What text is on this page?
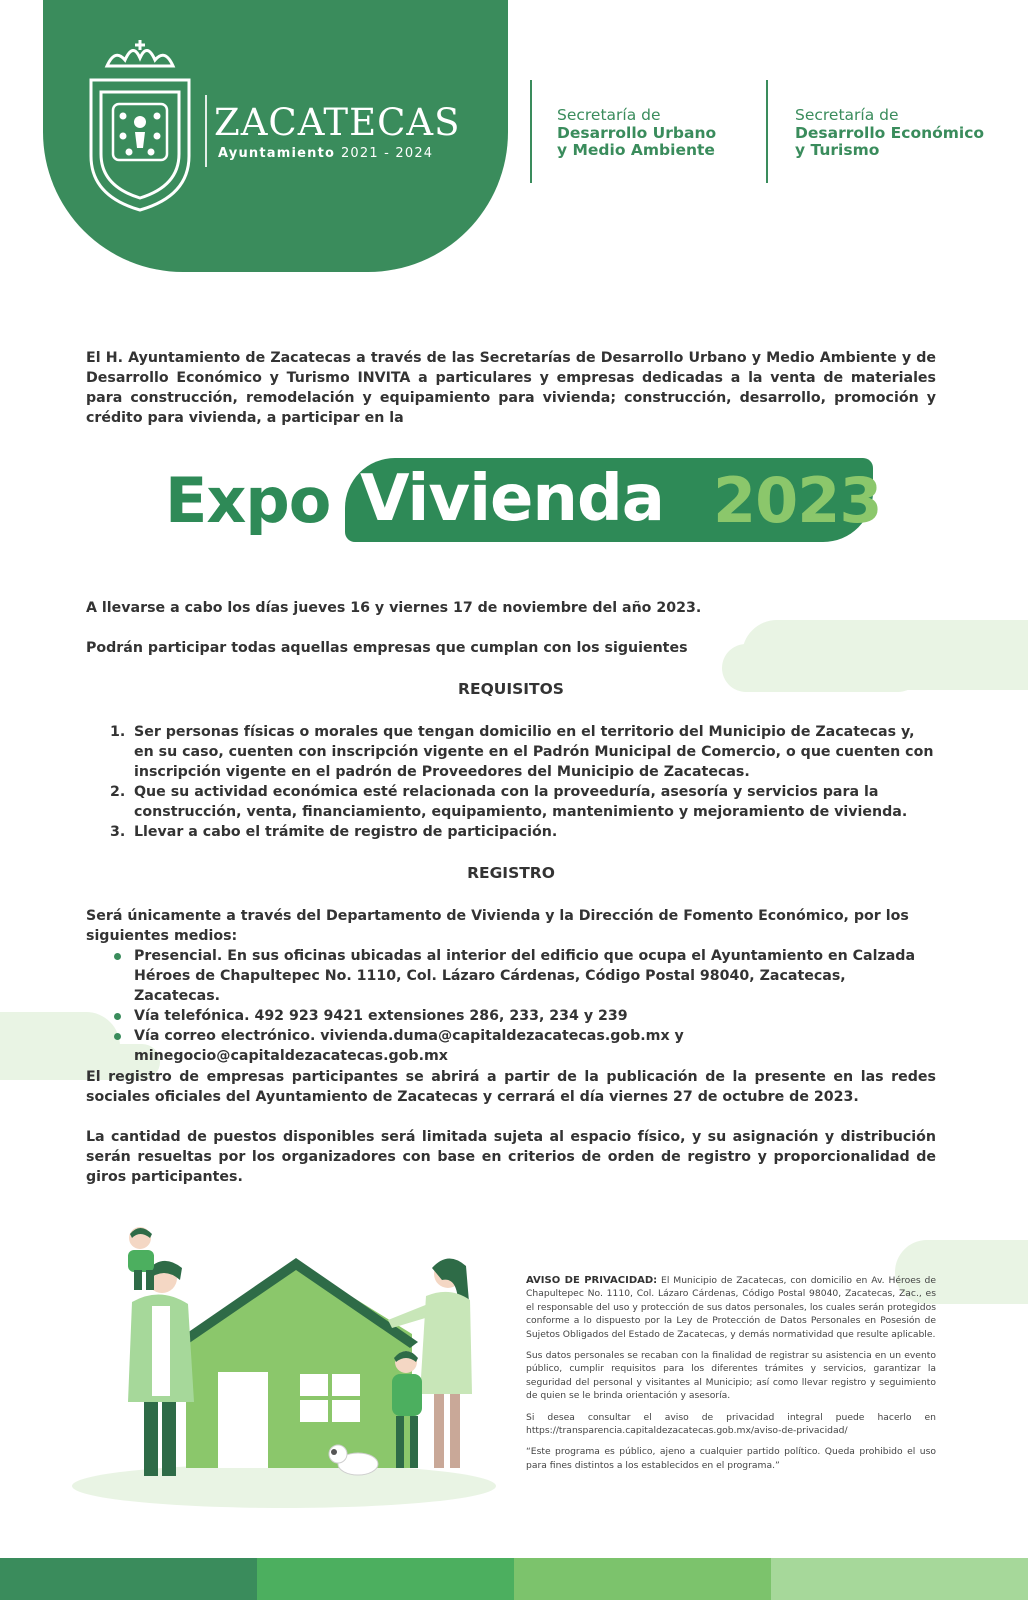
ZACATECAS
Ayuntamiento 2021 - 2024
Secretaría de
Desarrollo Urbano
y Medio Ambiente
Secretaría de
Desarrollo Económico
y Turismo
El H. Ayuntamiento de Zacatecas a través de las Secretarías de Desarrollo Urbano y Medio Ambiente y de Desarrollo Económico y Turismo INVITA a particulares y empresas dedicadas a la venta de materiales para construcción, remodelación y equipamiento para vivienda; construcción, desarrollo, promoción y crédito para vivienda, a participar en la
Expo Vivienda 2023
A llevarse a cabo los días jueves 16 y viernes 17 de noviembre del año 2023.
Podrán participar todas aquellas empresas que cumplan con los siguientes
REQUISITOS
1. Ser personas físicas o morales que tengan domicilio en el territorio del Municipio de Zacatecas y, en su caso, cuenten con inscripción vigente en el Padrón Municipal de Comercio, o que cuenten con inscripción vigente en el padrón de Proveedores del Municipio de Zacatecas.
2. Que su actividad económica esté relacionada con la proveeduría, asesoría y servicios para la construcción, venta, financiamiento, equipamiento, mantenimiento y mejoramiento de vivienda.
3. Llevar a cabo el trámite de registro de participación.
REGISTRO
Será únicamente a través del Departamento de Vivienda y la Dirección de Fomento Económico, por los siguientes medios:
Presencial. En sus oficinas ubicadas al interior del edificio que ocupa el Ayuntamiento en Calzada Héroes de Chapultepec No. 1110, Col. Lázaro Cárdenas, Código Postal 98040, Zacatecas, Zacatecas.
Vía telefónica. 492 923 9421 extensiones 286, 233, 234 y 239
Vía correo electrónico. vivienda.duma@capitaldezacatecas.gob.mx y minegocio@capitaldezacatecas.gob.mx
El registro de empresas participantes se abrirá a partir de la publicación de la presente en las redes sociales oficiales del Ayuntamiento de Zacatecas y cerrará el día viernes 27 de octubre de 2023.
La cantidad de puestos disponibles será limitada sujeta al espacio físico, y su asignación y distribución serán resueltas por los organizadores con base en criterios de orden de registro y proporcionalidad de giros participantes.

AVISO DE PRIVACIDAD: El Municipio de Zacatecas, con domicilio en Av. Héroes de Chapultepec No. 1110, Col. Lázaro Cárdenas, Código Postal 98040, Zacatecas, Zac., es el responsable del uso y protección de sus datos personales, los cuales serán protegidos conforme a lo dispuesto por la Ley de Protección de Datos Personales en Posesión de Sujetos Obligados del Estado de Zacatecas, y demás normatividad que resulte aplicable.

Sus datos personales se recaban con la finalidad de registrar su asistencia en un evento público, cumplir requisitos para los diferentes trámites y servicios, garantizar la seguridad del personal y visitantes al Municipio; así como llevar registro y seguimiento de quien se le brinda orientación y asesoría.

Si desea consultar el aviso de privacidad integral puede hacerlo en https://transparencia.capitaldezacatecas.gob.mx/aviso-de-privacidad/

“Este programa es público, ajeno a cualquier partido político. Queda prohibido el uso para fines distintos a los establecidos en el programa.”
